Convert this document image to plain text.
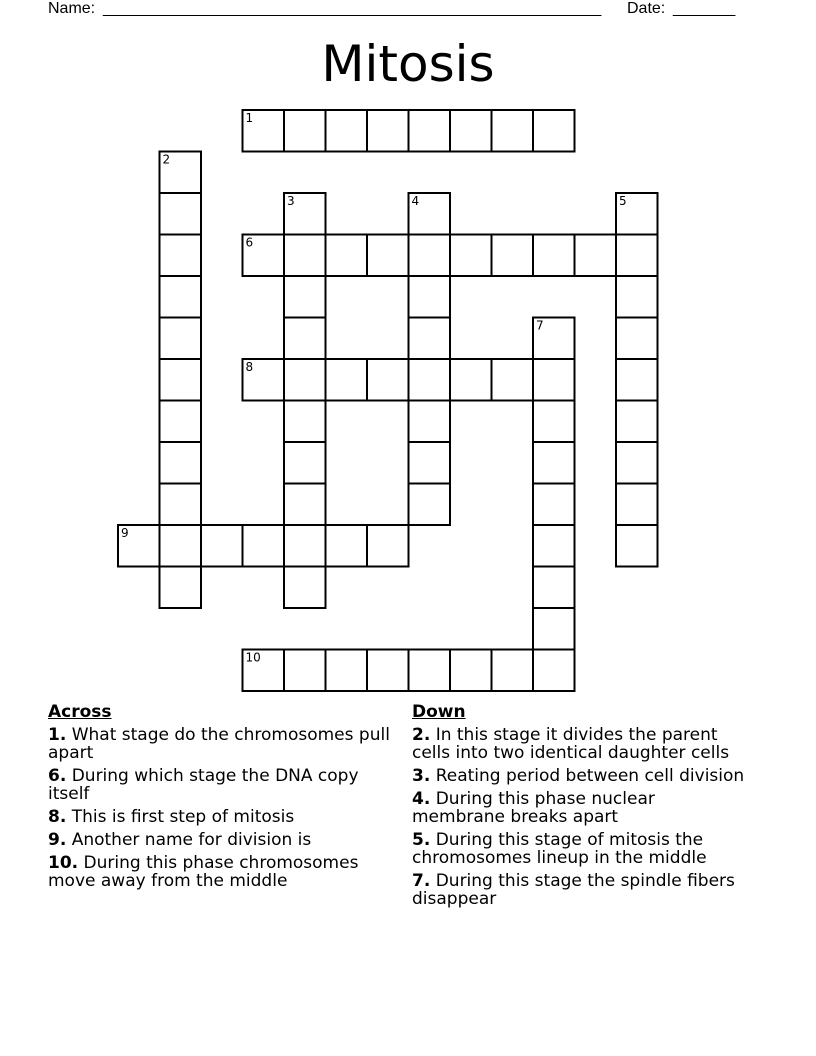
Name: ________________________________________________________ Date: _______
Mitosis
1
2
3	4	5
6
7
8
9
10
Across
1. What stage do the chromosomes pull apart
6. During which stage the DNA copy itself
8. This is first step of mitosis
9. Another name for division is
10. During this phase chromosomes move away from the middle
Down
2. In this stage it divides the parent cells into two identical daughter cells
3. Reating period between cell division
4. During this phase nuclear membrane breaks apart
5. During this stage of mitosis the chromosomes lineup in the middle
7. During this stage the spindle fibers disappear
